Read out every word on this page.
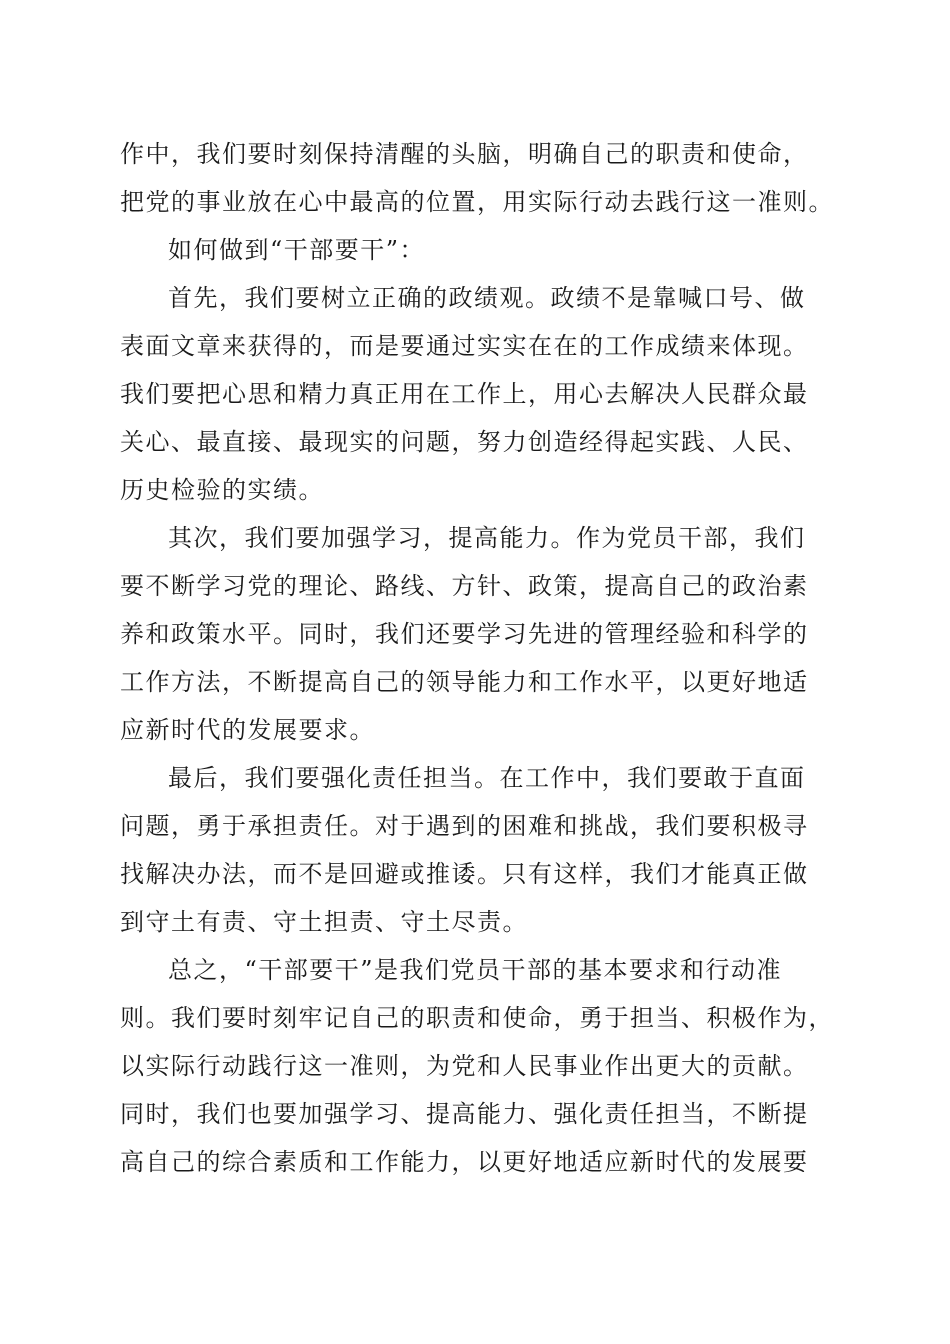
作中，我们要时刻保持清醒的头脑，明确自己的职责和使命，
把党的事业放在心中最高的位置，用实际行动去践行这一准则。
如何做到“干部要干”：
首先，我们要树立正确的政绩观。政绩不是靠喊口号、做
表面文章来获得的，而是要通过实实在在的工作成绩来体现。
我们要把心思和精力真正用在工作上，用心去解决人民群众最
关心、最直接、最现实的问题，努力创造经得起实践、人民、
历史检验的实绩。
其次，我们要加强学习，提高能力。作为党员干部，我们
要不断学习党的理论、路线、方针、政策，提高自己的政治素
养和政策水平。同时，我们还要学习先进的管理经验和科学的
工作方法，不断提高自己的领导能力和工作水平，以更好地适
应新时代的发展要求。
最后，我们要强化责任担当。在工作中，我们要敢于直面
问题，勇于承担责任。对于遇到的困难和挑战，我们要积极寻
找解决办法，而不是回避或推诿。只有这样，我们才能真正做
到守土有责、守土担责、守土尽责。
总之，“干部要干”是我们党员干部的基本要求和行动准
则。我们要时刻牢记自己的职责和使命，勇于担当、积极作为，
以实际行动践行这一准则，为党和人民事业作出更大的贡献。
同时，我们也要加强学习、提高能力、强化责任担当，不断提
高自己的综合素质和工作能力，以更好地适应新时代的发展要
